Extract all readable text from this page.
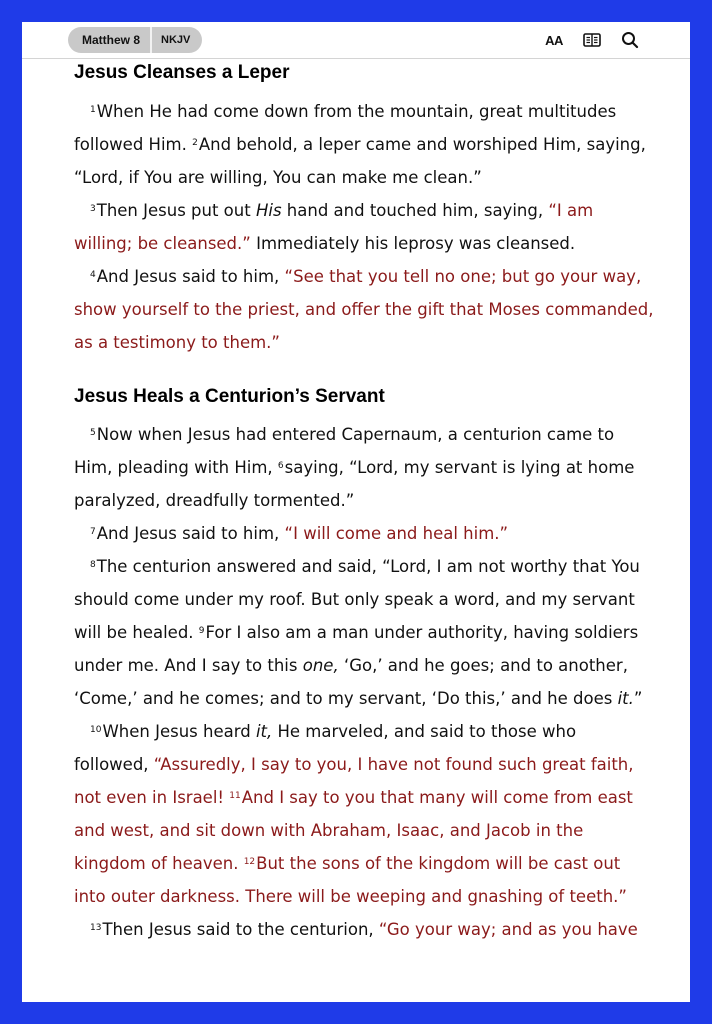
Matthew 8	NKJV	AA
Jesus Cleanses a Leper

$^1$When He had come down from the mountain, great multitudes followed Him. $^2$And behold, a leper came and worshiped Him, saying, “Lord, if You are willing, You can make me clean.”

$^3$Then Jesus put out His hand and touched him, saying, “I am willing; be cleansed.” Immediately his leprosy was cleansed.

$^4$And Jesus said to him, “See that you tell no one; but go your way, show yourself to the priest, and offer the gift that Moses commanded, as a testimony to them.”

Jesus Heals a Centurion’s Servant

$^5$Now when Jesus had entered Capernaum, a centurion came to Him, pleading with Him, $^6$saying, “Lord, my servant is lying at home paralyzed, dreadfully tormented.”

$^7$And Jesus said to him, “I will come and heal him.”

$^8$The centurion answered and said, “Lord, I am not worthy that You should come under my roof. But only speak a word, and my servant will be healed. $^9$For I also am a man under authority, having soldiers under me. And I say to this one, ‘Go,’ and he goes; and to another, ‘Come,’ and he comes; and to my servant, ‘Do this,’ and he does it.”

$^{10}$When Jesus heard it, He marveled, and said to those who followed, “Assuredly, I say to you, I have not found such great faith, not even in Israel! $^{11}$And I say to you that many will come from east and west, and sit down with Abraham, Isaac, and Jacob in the kingdom of heaven. $^{12}$But the sons of the kingdom will be cast out into outer darkness. There will be weeping and gnashing of teeth.”

$^{13}$Then Jesus said to the centurion, “Go your way; and as you have
